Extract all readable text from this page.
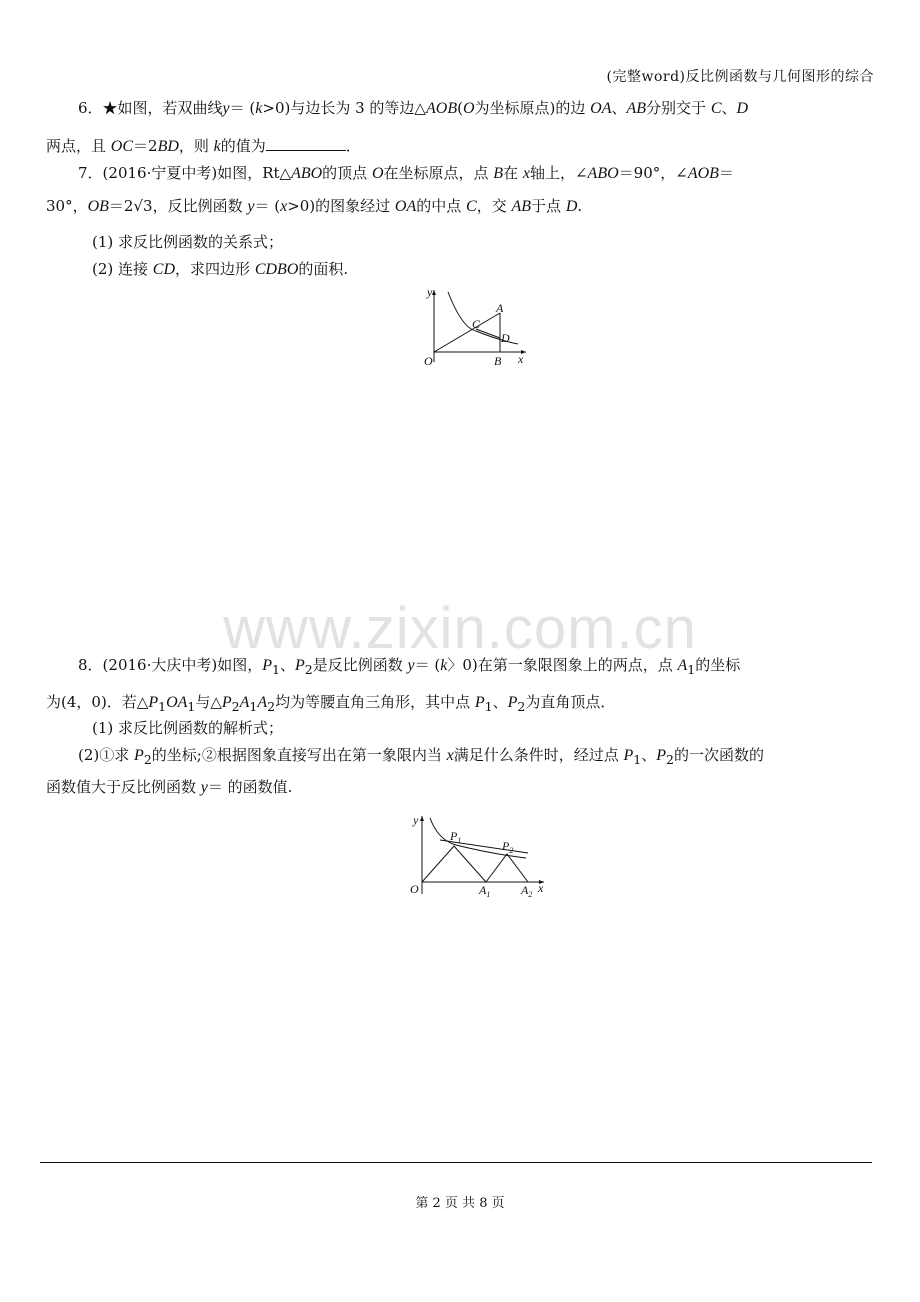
(完整word)反比例函数与几何图形的综合
6．★如图，若双曲线y＝ (k>0)与边长为 3 的等边△AOB(O为坐标原点)的边 OA、AB分别交于 C、D
两点，且 OC＝2BD，则 k的值为	．
7．(2016·宁夏中考)如图，Rt△ABO的顶点 O在坐标原点，点 B在 x轴上，∠ABO＝90°，∠AOB＝
30°，OB＝2√3，反比例函数 y＝ (x>0)的图象经过 OA的中点 C，交 AB于点 D.
(1) 求反比例函数的关系式；
(2) 连接 CD，求四边形 CDBO的面积.
y
A
C
D
O	B x
www.zixin.com.cn
8．(2016·大庆中考)如图，$P_1$、$P_2$是反比例函数 y＝ (k〉0)在第一象限图象上的两点，点 $A_1$的坐标
为(4，0)．若$\triangle P_1OA_1$与$\triangle P_2A_1A_2$均为等腰直角三角形，其中点 $P_1$、$P_2$为直角顶点．
(1) 求反比例函数的解析式；
(2)①求 $P_2$的坐标;②根据图象直接写出在第一象限内当 x满足什么条件时，经过点 $P_1$、$P_2$的一次函数的
函数值大于反比例函数 y＝ 的函数值.
y
$P_1$	$P_2$
O	$A_1$	$A_2$ x
第 2 页 共 8 页
